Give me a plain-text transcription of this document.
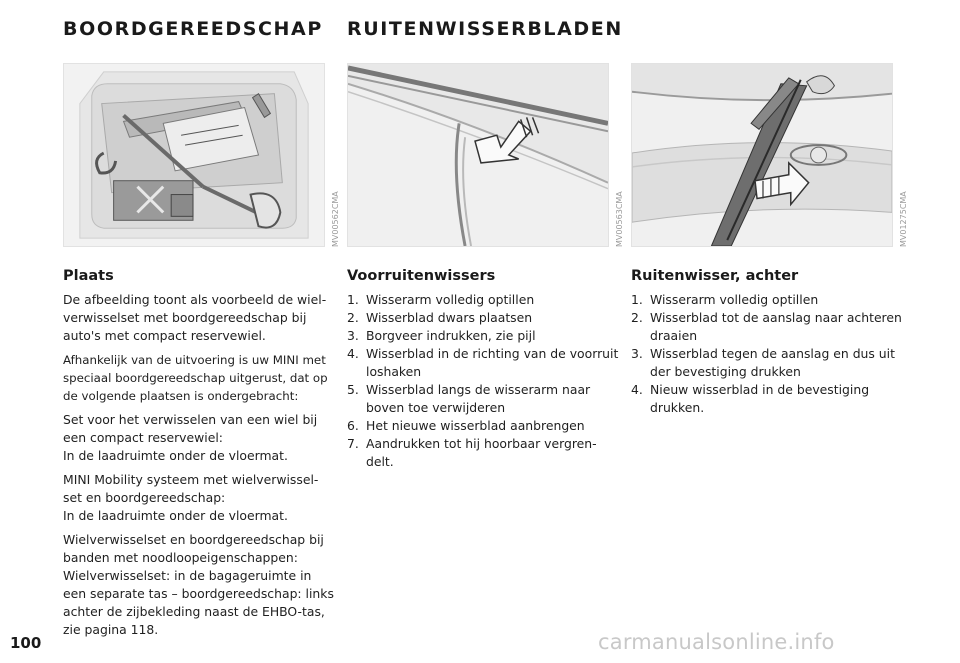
BOORDGEREEDSCHAP RUITENWISSERBLADEN
MV00562CMA	MV00563CMA	MV01275CMA
Plaats
De afbeelding toont als voorbeeld de wiel-
verwisselset met boordgereedschap bij
auto's met compact reservewiel.
Afhankelijk van de uitvoering is uw MINI met
speciaal boordgereedschap uitgerust, dat op
de volgende plaatsen is ondergebracht:
Set voor het verwisselen van een wiel bij
een compact reservewiel:
In de laadruimte onder de vloermat.
MINI Mobility systeem met wielverwissel-
set en boordgereedschap:
In de laadruimte onder de vloermat.
Wielverwisselset en boordgereedschap bij
banden met noodloopeigenschappen:
Wielverwisselset: in de bagageruimte in
een separate tas – boordgereedschap: links
achter de zijbekleding naast de EHBO-tas,
zie pagina 118.
Voorruitenwissers
1. Wisserarm volledig optillen
2. Wisserblad dwars plaatsen
3. Borgveer indrukken, zie pijl
4. Wisserblad in de richting van de voorruit
loshaken
5. Wisserblad langs de wisserarm naar
boven toe verwijderen
6. Het nieuwe wisserblad aanbrengen
7. Aandrukken tot hij hoorbaar vergren-
delt.
Ruitenwisser, achter
1. Wisserarm volledig optillen
2. Wisserblad tot de aanslag naar achteren
draaien
3. Wisserblad tegen de aanslag en dus uit
der bevestiging drukken
4. Nieuw wisserblad in de bevestiging
drukken.
100	carmanualsonline.info
